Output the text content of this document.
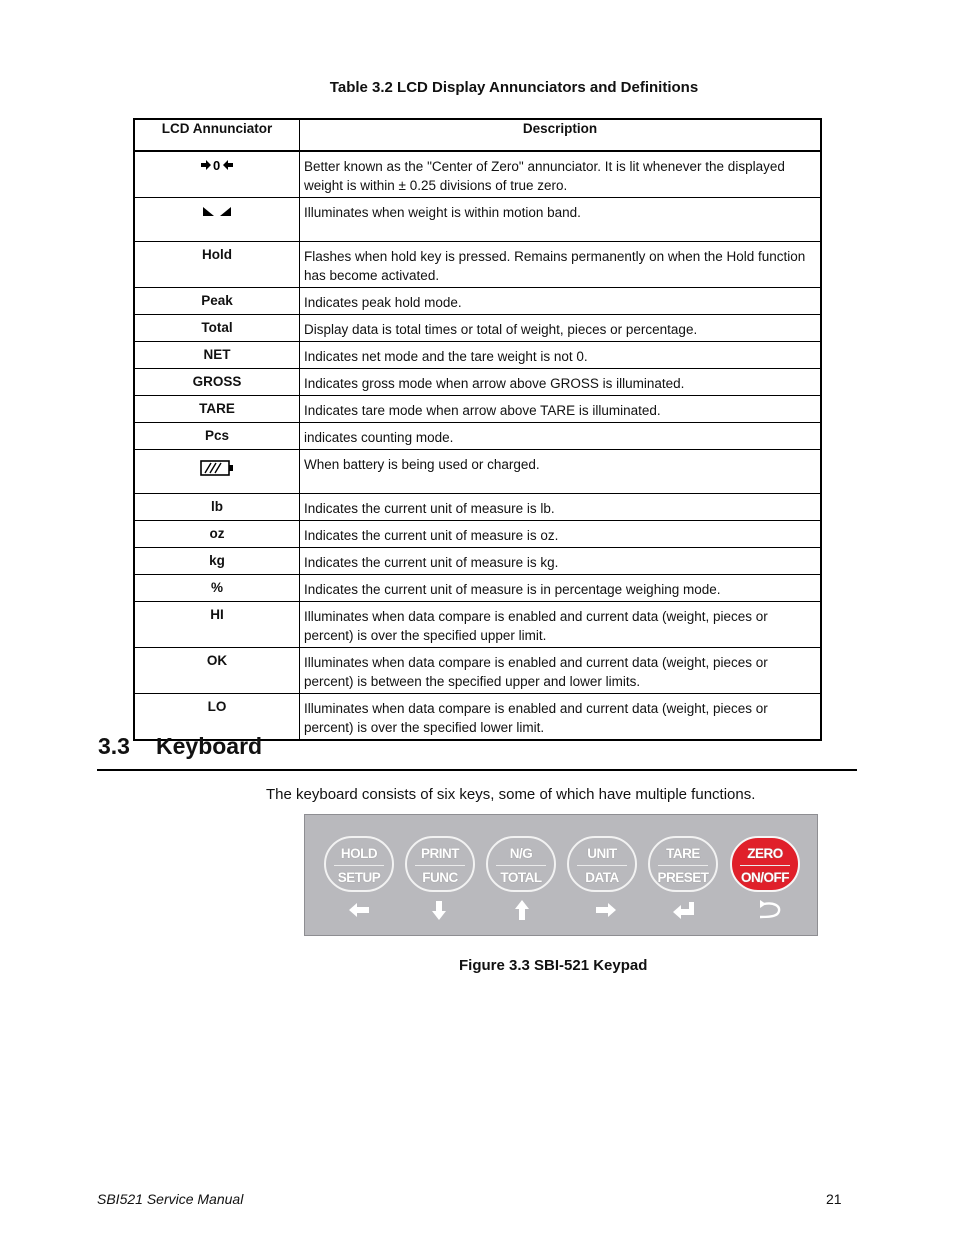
Table 3.2 LCD Display Annunciators and Definitions
LCD Annunciator	Description

0	Better known as the "Center of Zero" annunciator. It is lit whenever the displayed weight is within ± 0.25 divisions of true zero.
	Illuminates when weight is within motion band.
Hold	Flashes when hold key is pressed. Remains permanently on when the Hold function has become activated.
Peak	Indicates peak hold mode.
Total	Display data is total times or total of weight, pieces or percentage.
NET	Indicates net mode and the tare weight is not 0.
GROSS	Indicates gross mode when arrow above GROSS is illuminated.
TARE	Indicates tare mode when arrow above TARE is illuminated.
Pcs	indicates counting mode.
	When battery is being used or charged.
lb	Indicates the current unit of measure is lb.
oz	Indicates the current unit of measure is oz.
kg	Indicates the current unit of measure is kg.
%	Indicates the current unit of measure is in percentage weighing mode.
HI	Illuminates when data compare is enabled and current data (weight, pieces or percent) is over the specified upper limit.
OK	Illuminates when data compare is enabled and current data (weight, pieces or percent) is between the specified upper and lower limits.
LO	Illuminates when data compare is enabled and current data (weight, pieces or percent) is over the specified lower limit.
3.3 Keyboard
The keyboard consists of six keys, some of which have multiple functions.
HOLD
SETUP
PRINT
FUNC
N/G
TOTAL
UNIT
DATA
TARE
PRESET
ZERO
ON/OFF
Figure 3.3 SBI-521 Keypad
SBI521 Service Manual	21
